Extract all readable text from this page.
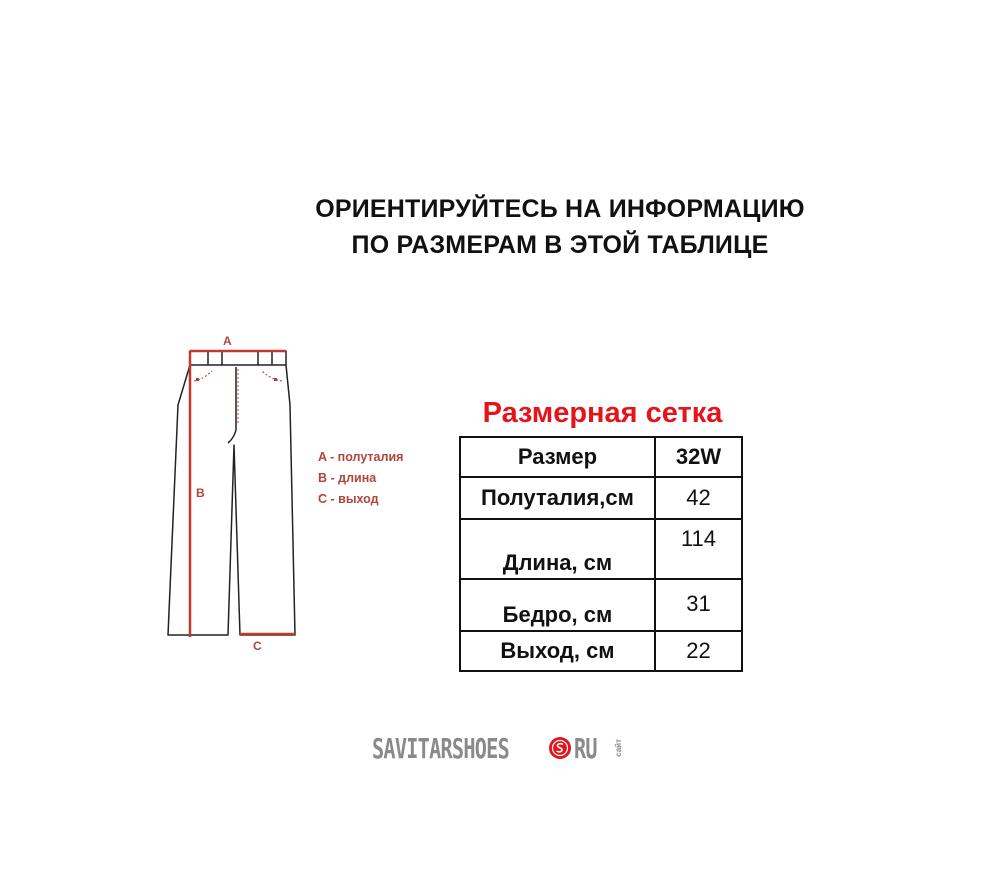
ОРИЕНТИРУЙТЕСЬ НА ИНФОРМАЦИЮ
ПО РАЗМЕРАМ В ЭТОЙ ТАБЛИЦЕ
A
B
C
A - полуталия
B - длина
C - выход
Размерная сетка
Размер	32W
Полуталия,см	42
Длина, см	114
Бедро, см	31
Выход, см	22
SAVITARSHOES RU	сайт
